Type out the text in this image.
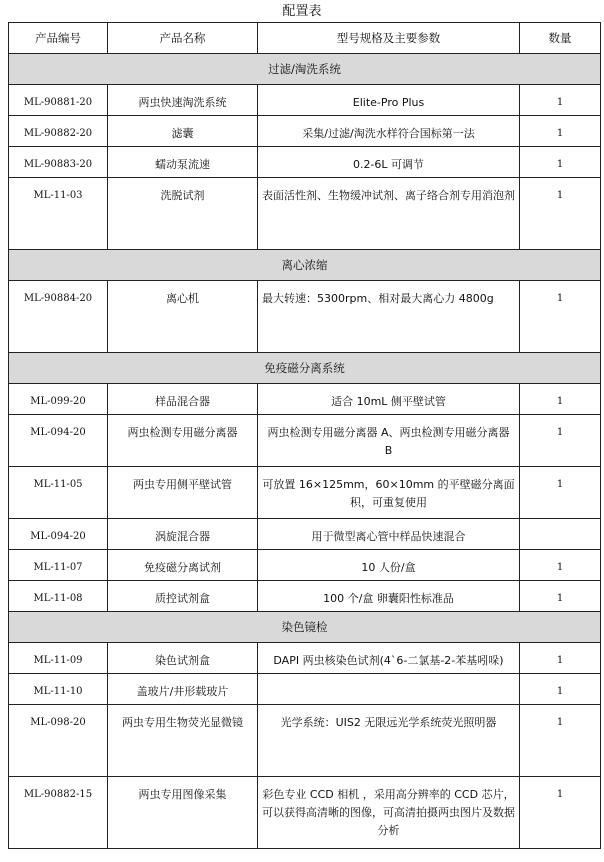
配置表
产品编号	产品名称	型号规格及主要参数	数量
过滤/淘洗系统			
ML-90881-20	两虫快速淘洗系统	Elite-Pro Plus	1
ML-90882-20	滤囊	采集/过滤/淘洗水样符合国标第一法	1
ML-90883-20	蠕动泵流速	0.2-6L 可调节	1
ML-11-03	洗脱试剂	表面活性剂、生物缓冲试剂、离子络合剂专用消泡剂	1
离心浓缩			
ML-90884-20	离心机	最大转速：5300rpm、相对最大离心力 4800g	1
免疫磁分离系统			
ML-099-20	样品混合器	适合 10mL 侧平壁试管	1
ML-094-20	两虫检测专用磁分离器	两虫检测专用磁分离器 A、两虫检测专用磁分离器 B	1
ML-11-05	两虫专用侧平壁试管	可放置 16×125mm，60×10mm 的平壁磁分离面积，可重复使用	1
ML-094-20	涡旋混合器	用于微型离心管中样品快速混合	
ML-11-07	免疫磁分离试剂	10 人份/盒	1
ML-11-08	质控试剂盒	100 个/盒 卵囊阳性标准品	1
染色镜检			
ML-11-09	染色试剂盒	DAPI 两虫核染色试剂(4`6-二氯基-2-苯基吲哚)	1
ML-11-10	盖玻片/井形载玻片		1
ML-098-20	两虫专用生物荧光显微镜	光学系统：UIS2 无限远光学系统荧光照明器	1
ML-90882-15	两虫专用图像采集	彩色专业 CCD 相机 ，采用高分辨率的 CCD 芯片，可以获得高清晰的图像，可高清拍摄两虫图片及数据分析	1
